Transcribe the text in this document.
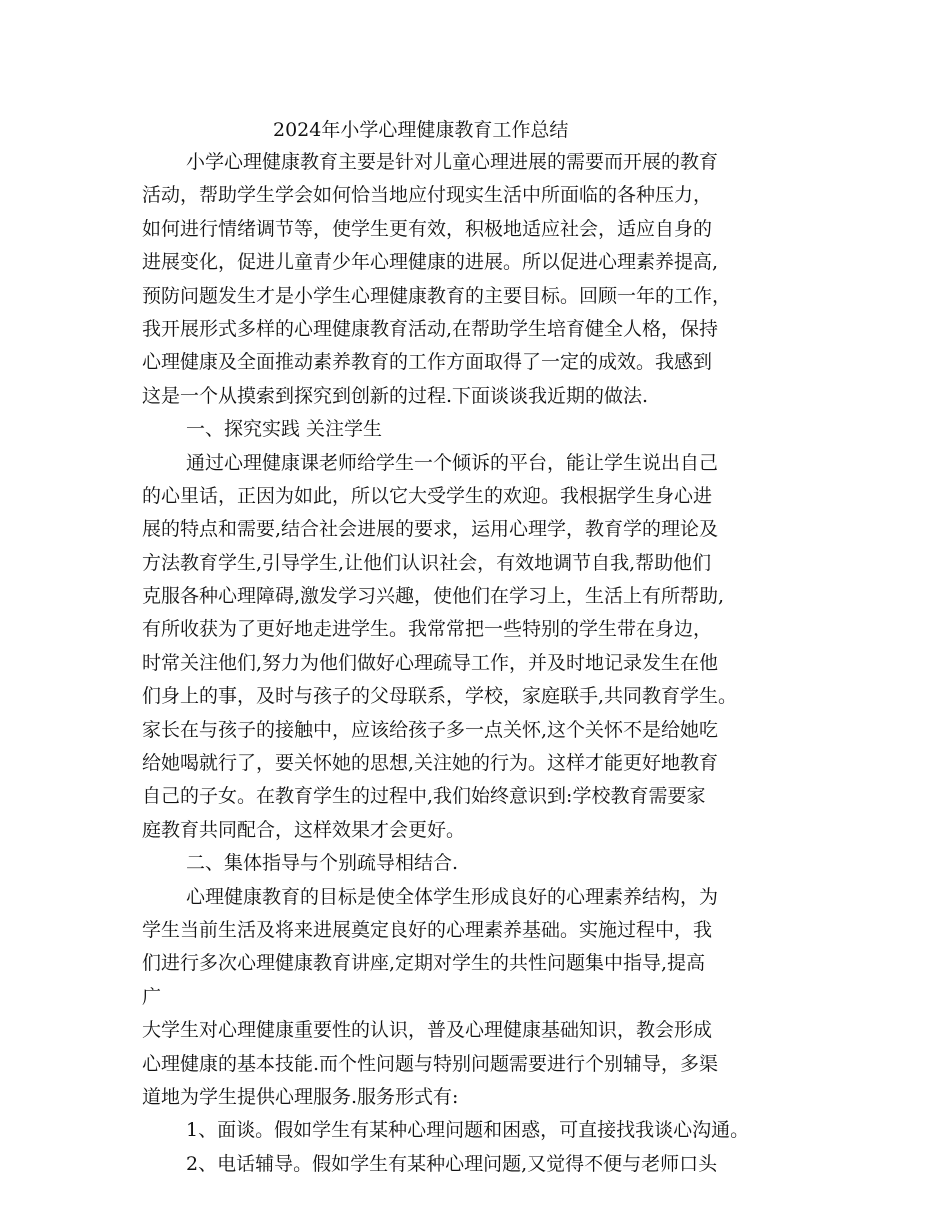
2024年小学心理健康教育工作总结
小学心理健康教育主要是针对儿童心理进展的需要而开展的教育
活动，帮助学生学会如何恰当地应付现实生活中所面临的各种压力，
如何进行情绪调节等，使学生更有效，积极地适应社会，适应自身的
进展变化，促进儿童青少年心理健康的进展。所以促进心理素养提高,
预防问题发生才是小学生心理健康教育的主要目标。回顾一年的工作，
我开展形式多样的心理健康教育活动,在帮助学生培育健全人格，保持
心理健康及全面推动素养教育的工作方面取得了一定的成效。我感到
这是一个从摸索到探究到创新的过程.下面谈谈我近期的做法.
一、探究实践 关注学生
通过心理健康课老师给学生一个倾诉的平台，能让学生说出自己
的心里话，正因为如此，所以它大受学生的欢迎。我根据学生身心进
展的特点和需要,结合社会进展的要求，运用心理学，教育学的理论及
方法教育学生,引导学生,让他们认识社会，有效地调节自我,帮助他们
克服各种心理障碍,激发学习兴趣，使他们在学习上，生活上有所帮助,
有所收获为了更好地走进学生。我常常把一些特别的学生带在身边，
时常关注他们,努力为他们做好心理疏导工作，并及时地记录发生在他
们身上的事，及时与孩子的父母联系，学校，家庭联手,共同教育学生。
家长在与孩子的接触中，应该给孩子多一点关怀,这个关怀不是给她吃
给她喝就行了，要关怀她的思想,关注她的行为。这样才能更好地教育
自己的子女。在教育学生的过程中,我们始终意识到:学校教育需要家
庭教育共同配合，这样效果才会更好。
二、集体指导与个别疏导相结合.
心理健康教育的目标是使全体学生形成良好的心理素养结构，为
学生当前生活及将来进展奠定良好的心理素养基础。实施过程中，我
们进行多次心理健康教育讲座,定期对学生的共性问题集中指导,提高
广
大学生对心理健康重要性的认识，普及心理健康基础知识，教会形成
心理健康的基本技能.而个性问题与特别问题需要进行个别辅导，多渠
道地为学生提供心理服务.服务形式有:
1、面谈。假如学生有某种心理问题和困惑，可直接找我谈心沟通。
2、电话辅导。假如学生有某种心理问题,又觉得不便与老师口头
